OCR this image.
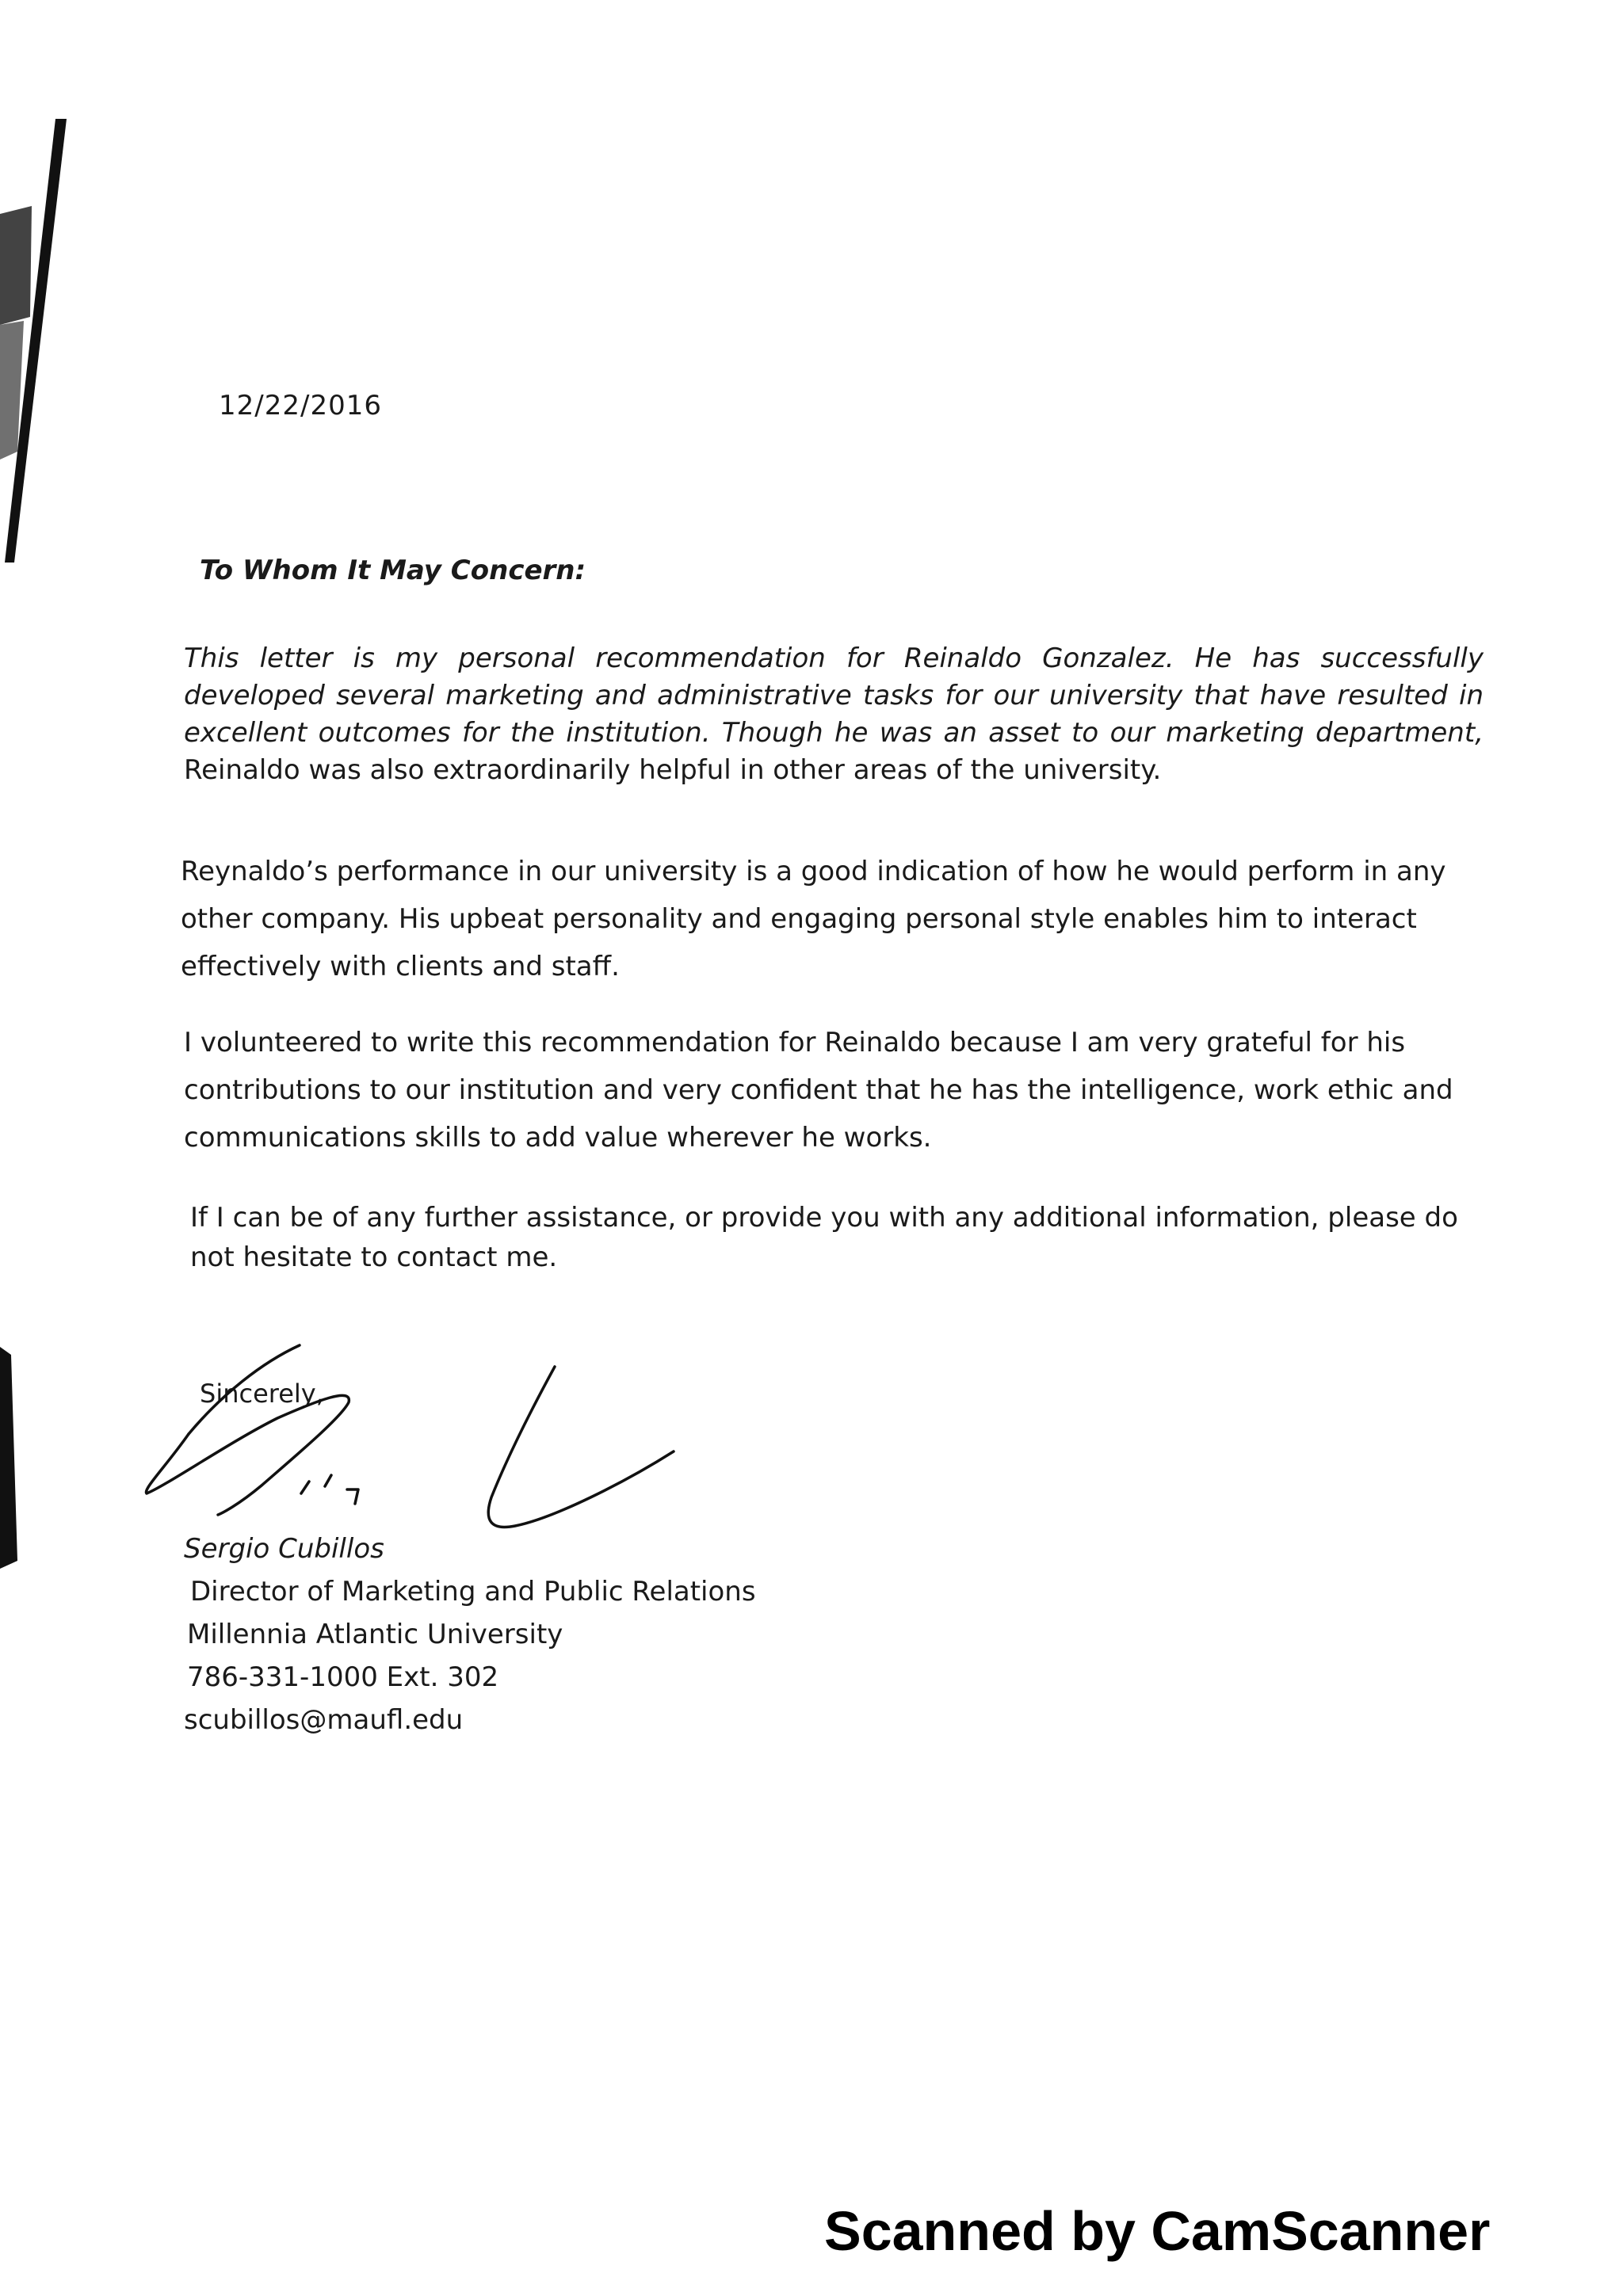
12/22/2016
To Whom It May Concern:
This letter is my personal recommendation for Reinaldo Gonzalez. He has successfully
developed several marketing and administrative tasks for our university that have resulted in
excellent outcomes for the institution. Though he was an asset to our marketing department,
Reinaldo was also extraordinarily helpful in other areas of the university.
Reynaldo’s performance in our university is a good indication of how he would perform in any
other company. His upbeat personality and engaging personal style enables him to interact
effectively with clients and staff.
I volunteered to write this recommendation for Reinaldo because I am very grateful for his
contributions to our institution and very confident that he has the intelligence, work ethic and
communications skills to add value wherever he works.
If I can be of any further assistance, or provide you with any additional information, please do
not hesitate to contact me.
Sincerely,
Sergio Cubillos
Director of Marketing and Public Relations
Millennia Atlantic University
786-331-1000 Ext. 302
scubillos@maufl.edu
Scanned by CamScanner
